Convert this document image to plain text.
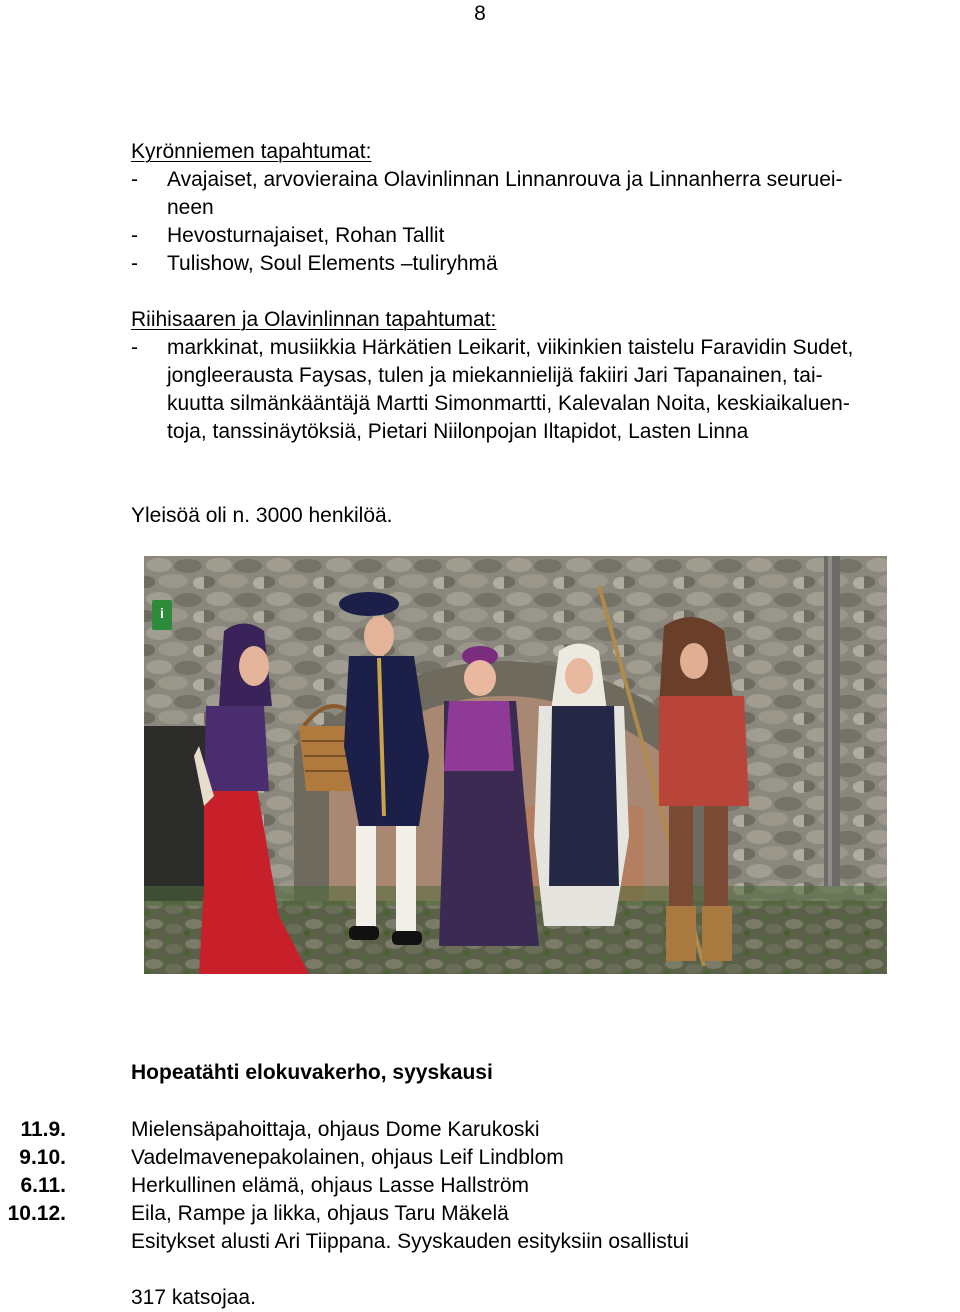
8
Kyrönniemen tapahtumat:
- Avajaiset, arvovieraina Olavinlinnan Linnanrouva ja Linnanherra seuruei-
neen
- Hevosturnajaiset, Rohan Tallit
- Tulishow, Soul Elements –tuliryhmä
Riihisaaren ja Olavinlinnan tapahtumat:
- markkinat, musiikkia Härkätien Leikarit, viikinkien taistelu Faravidin Sudet,
jongleerausta Faysas, tulen ja miekannielijä fakiiri Jari Tapanainen, tai-
kuutta silmänkääntäjä Martti Simonmartti, Kalevalan Noita, keskiaikaluen-
toja, tanssinäytöksiä, Pietari Niilonpojan Iltapidot, Lasten Linna
Yleisöä oli n. 3000 henkilöä.
i
Hopeatähti elokuvakerho, syyskausi
11.9.	Mielensäpahoittaja, ohjaus Dome Karukoski
9.10.	Vadelmavenepakolainen, ohjaus Leif Lindblom
6.11.	Herkullinen elämä, ohjaus Lasse Hallström
10.12.	Eila, Rampe ja likka, ohjaus Taru Mäkelä
Esitykset alusti Ari Tiippana. Syyskauden esityksiin osallistui
317 katsojaa.
